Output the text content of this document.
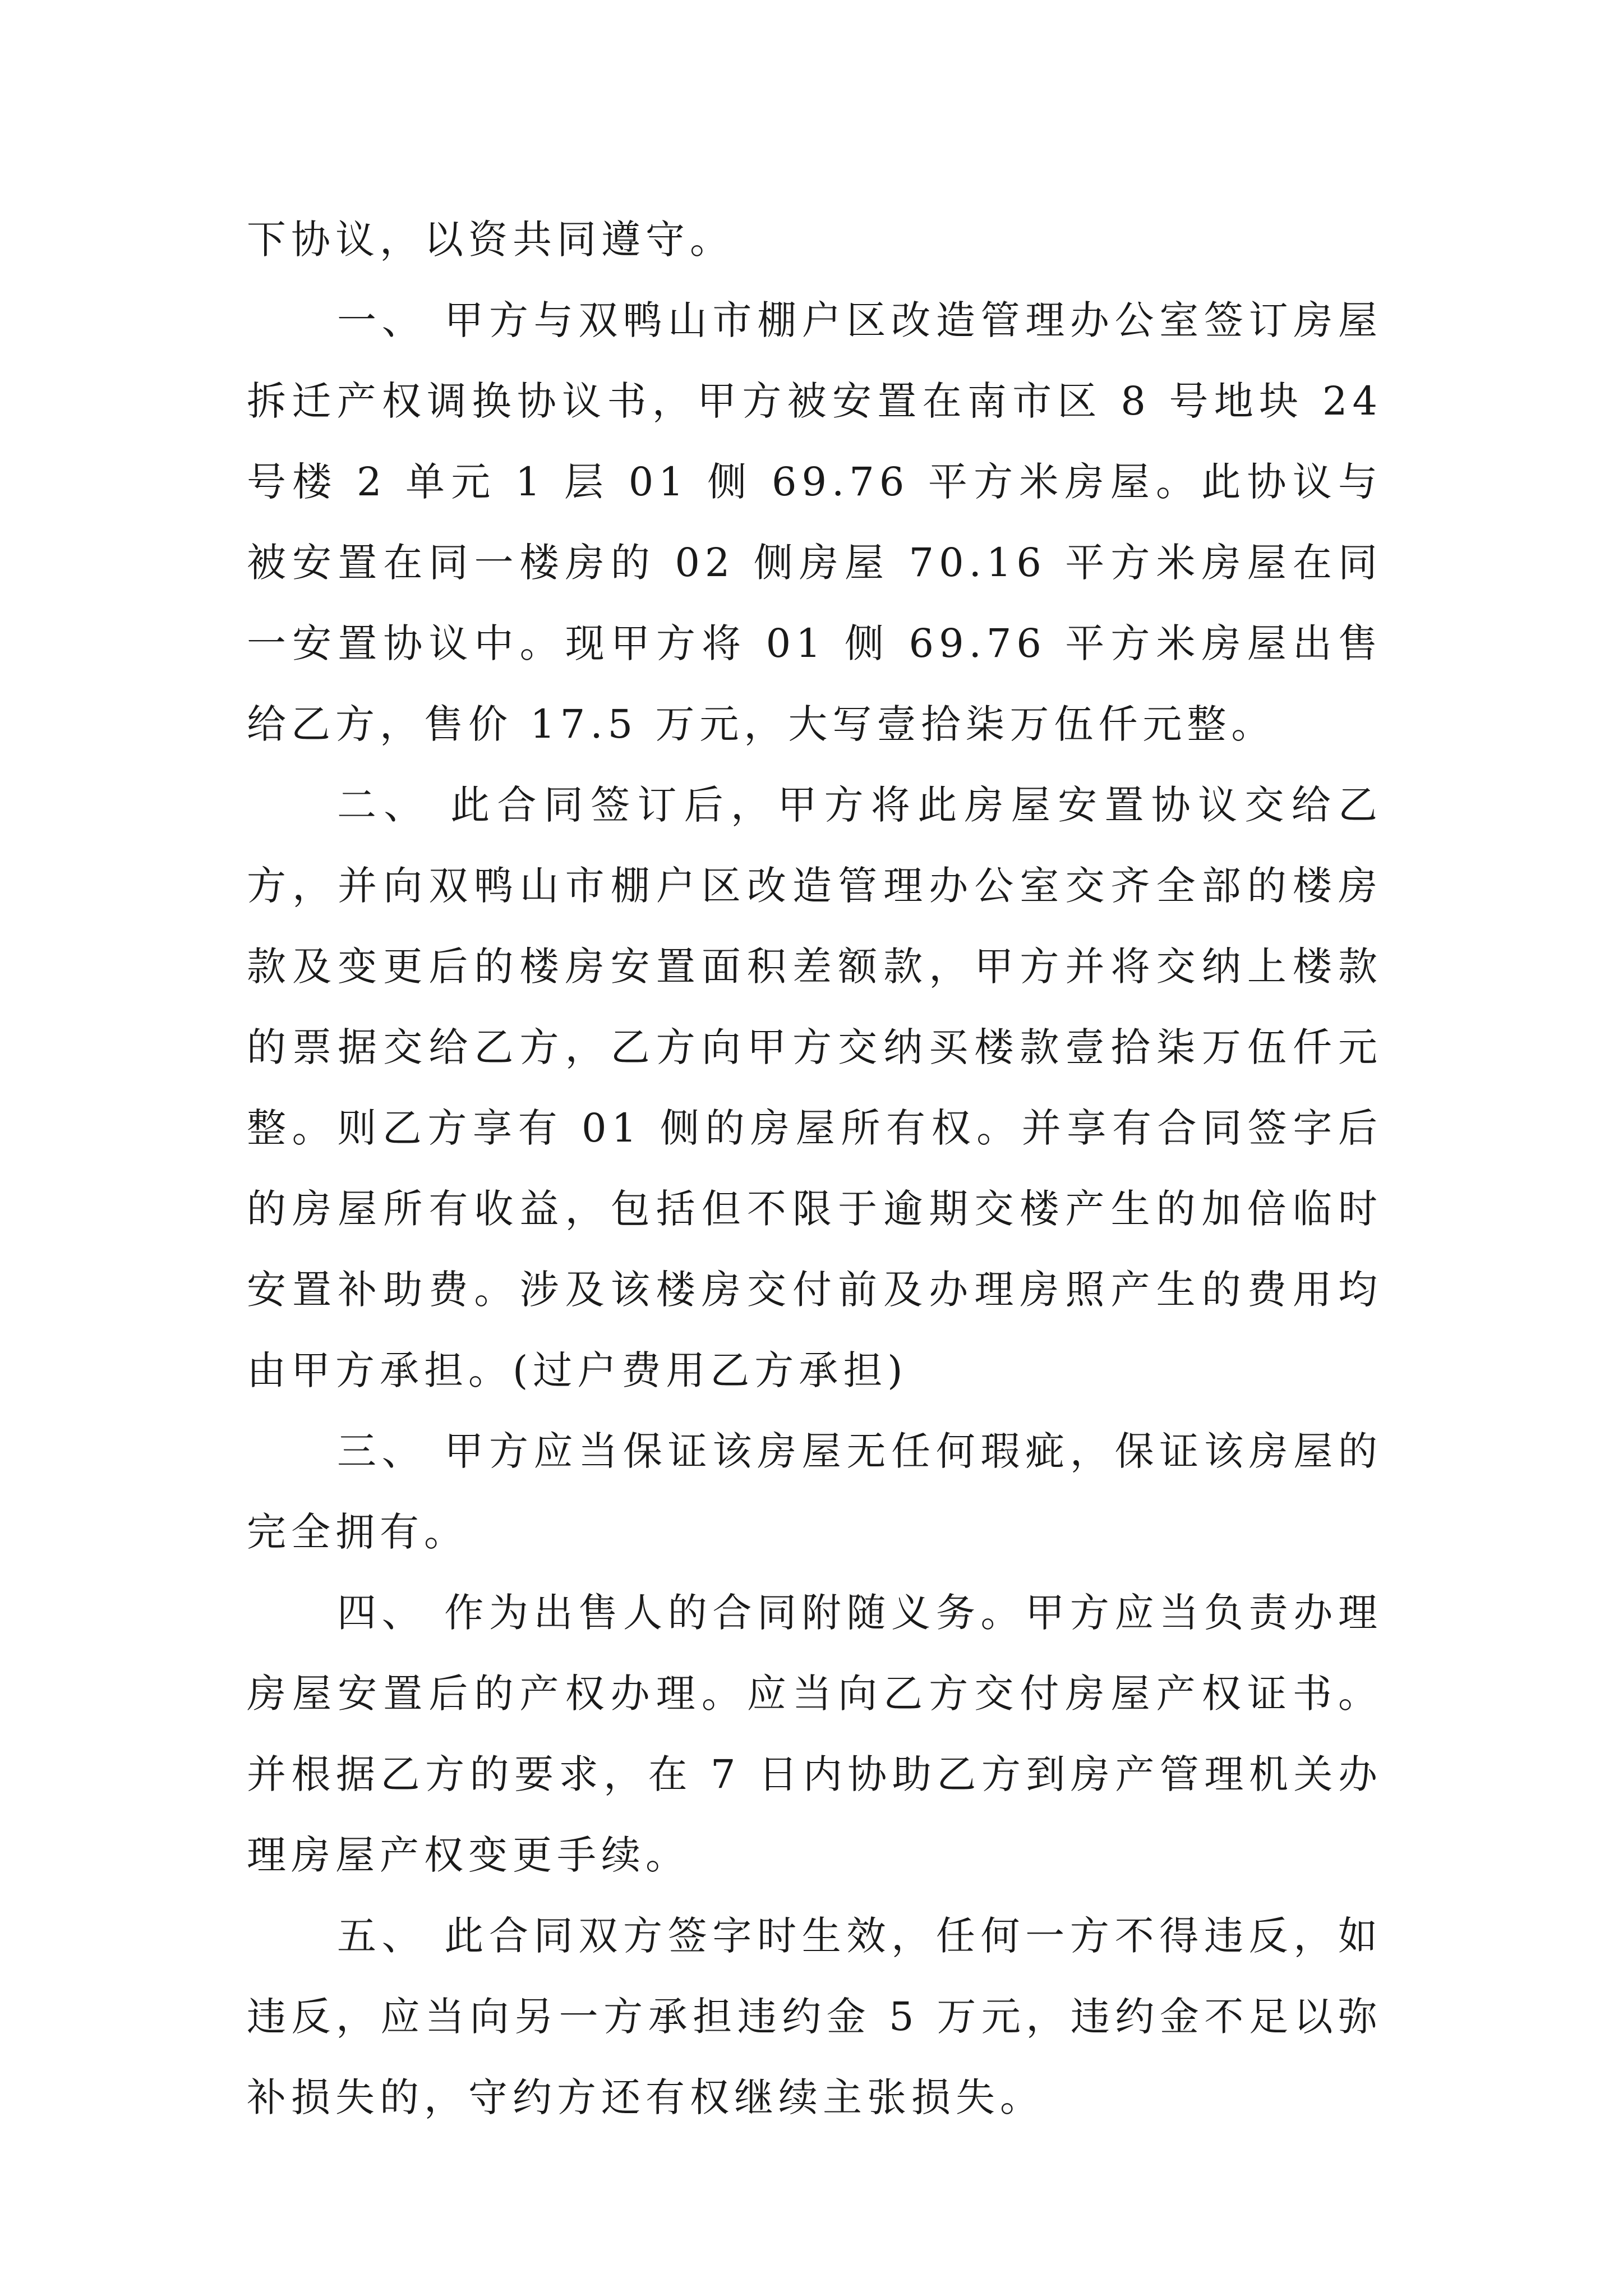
下协议，以资共同遵守。

一、 甲方与双鸭山市棚户区改造管理办公室签订房屋拆迁产权调换协议书，甲方被安置在南市区 8 号地块 24 号楼 2 单元 1 层 01 侧 69.76 平方米房屋。此协议与被安置在同一楼房的 02 侧房屋 70.16 平方米房屋在同一安置协议中。现甲方将 01 侧 69.76 平方米房屋出售给乙方，售价 17.5 万元，大写壹拾柒万伍仟元整。

二、 此合同签订后，甲方将此房屋安置协议交给乙方，并向双鸭山市棚户区改造管理办公室交齐全部的楼房款及变更后的楼房安置面积差额款，甲方并将交纳上楼款的票据交给乙方，乙方向甲方交纳买楼款壹拾柒万伍仟元整。则乙方享有 01 侧的房屋所有权。并享有合同签字后的房屋所有收益，包括但不限于逾期交楼产生的加倍临时安置补助费。涉及该楼房交付前及办理房照产生的费用均由甲方承担。(过户费用乙方承担)

三、 甲方应当保证该房屋无任何瑕疵，保证该房屋的完全拥有。

四、 作为出售人的合同附随义务。甲方应当负责办理房屋安置后的产权办理。应当向乙方交付房屋产权证书。并根据乙方的要求，在 7 日内协助乙方到房产管理机关办理房屋产权变更手续。

五、 此合同双方签字时生效，任何一方不得违反，如违反，应当向另一方承担违约金 5 万元，违约金不足以弥补损失的，守约方还有权继续主张损失。
